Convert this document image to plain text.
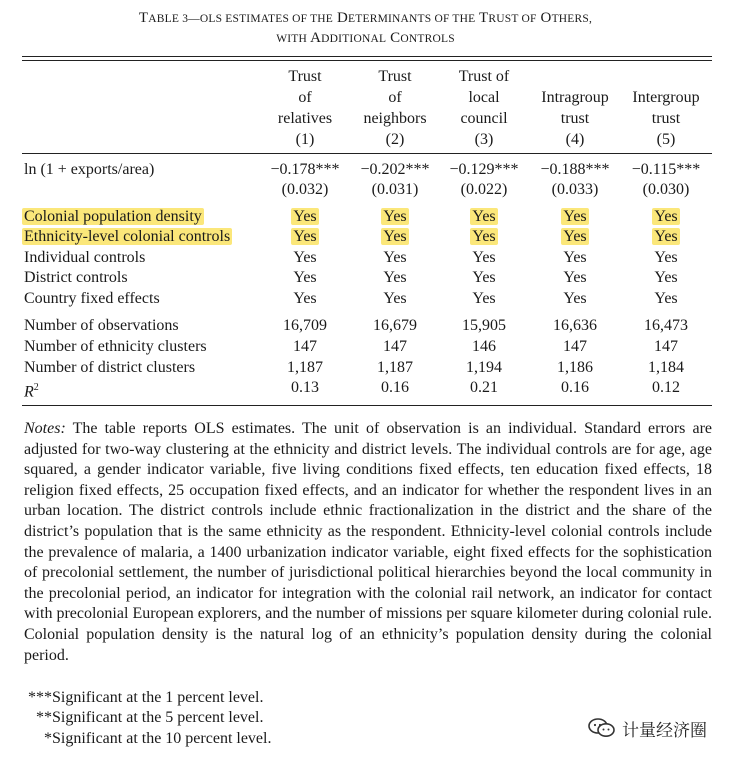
TABLE 3—OLS ESTIMATES OF THE DETERMINANTS OF THE TRUST OF OTHERS,
WITH ADDITIONAL CONTROLS
Trust
of
relatives
(1)
Trust
of
neighbors
(2)
Trust of
local
council
(3)
Intragroup
trust
(4)
Intergroup
trust
(5)
ln (1 + exports/area)	−0.178***	−0.202***	−0.129***	−0.188***	−0.115***
(0.032)	(0.031)	(0.022)	(0.033)	(0.030)
Colonial population density	Yes	Yes	Yes	Yes	Yes
Ethnicity-level colonial controls	Yes	Yes	Yes	Yes	Yes
Individual controls	Yes	Yes	Yes	Yes	Yes
District controls	Yes	Yes	Yes	Yes	Yes
Country fixed effects	Yes	Yes	Yes	Yes	Yes
Number of observations	16,709	16,679	15,905	16,636	16,473
Number of ethnicity clusters	147	147	146	147	147
Number of district clusters	1,187	1,187	1,194	1,186	1,184
$R^2$	0.13	0.16	0.21	0.16	0.12
Notes: The table reports OLS estimates. The unit of observation is an individual. Standard errors are adjusted for two-way clustering at the ethnicity and district levels. The individual controls are for age, age squared, a gender indicator variable, five living conditions fixed effects, ten education fixed effects, 18 religion fixed effects, 25 occupation fixed effects, and an indicator for whether the respondent lives in an urban location. The district controls include ethnic fractionalization in the district and the share of the district’s population that is the same ethnicity as the respondent. Ethnicity-level colonial controls include the prevalence of malaria, a 1400 urbanization indicator variable, eight fixed effects for the sophistication of precolonial settlement, the number of jurisdictional political hierarchies beyond the local community in the precolonial period, an indicator for integration with the colonial rail network, an indicator for contact with precolonial European explorers, and the number of missions per square kilometer during colonial rule. Colonial population density is the natural log of an ethnicity’s population density during the colonial period.
***Significant at the 1 percent level.
**Significant at the 5 percent level.
*Significant at the 10 percent level.	计量经济圈
